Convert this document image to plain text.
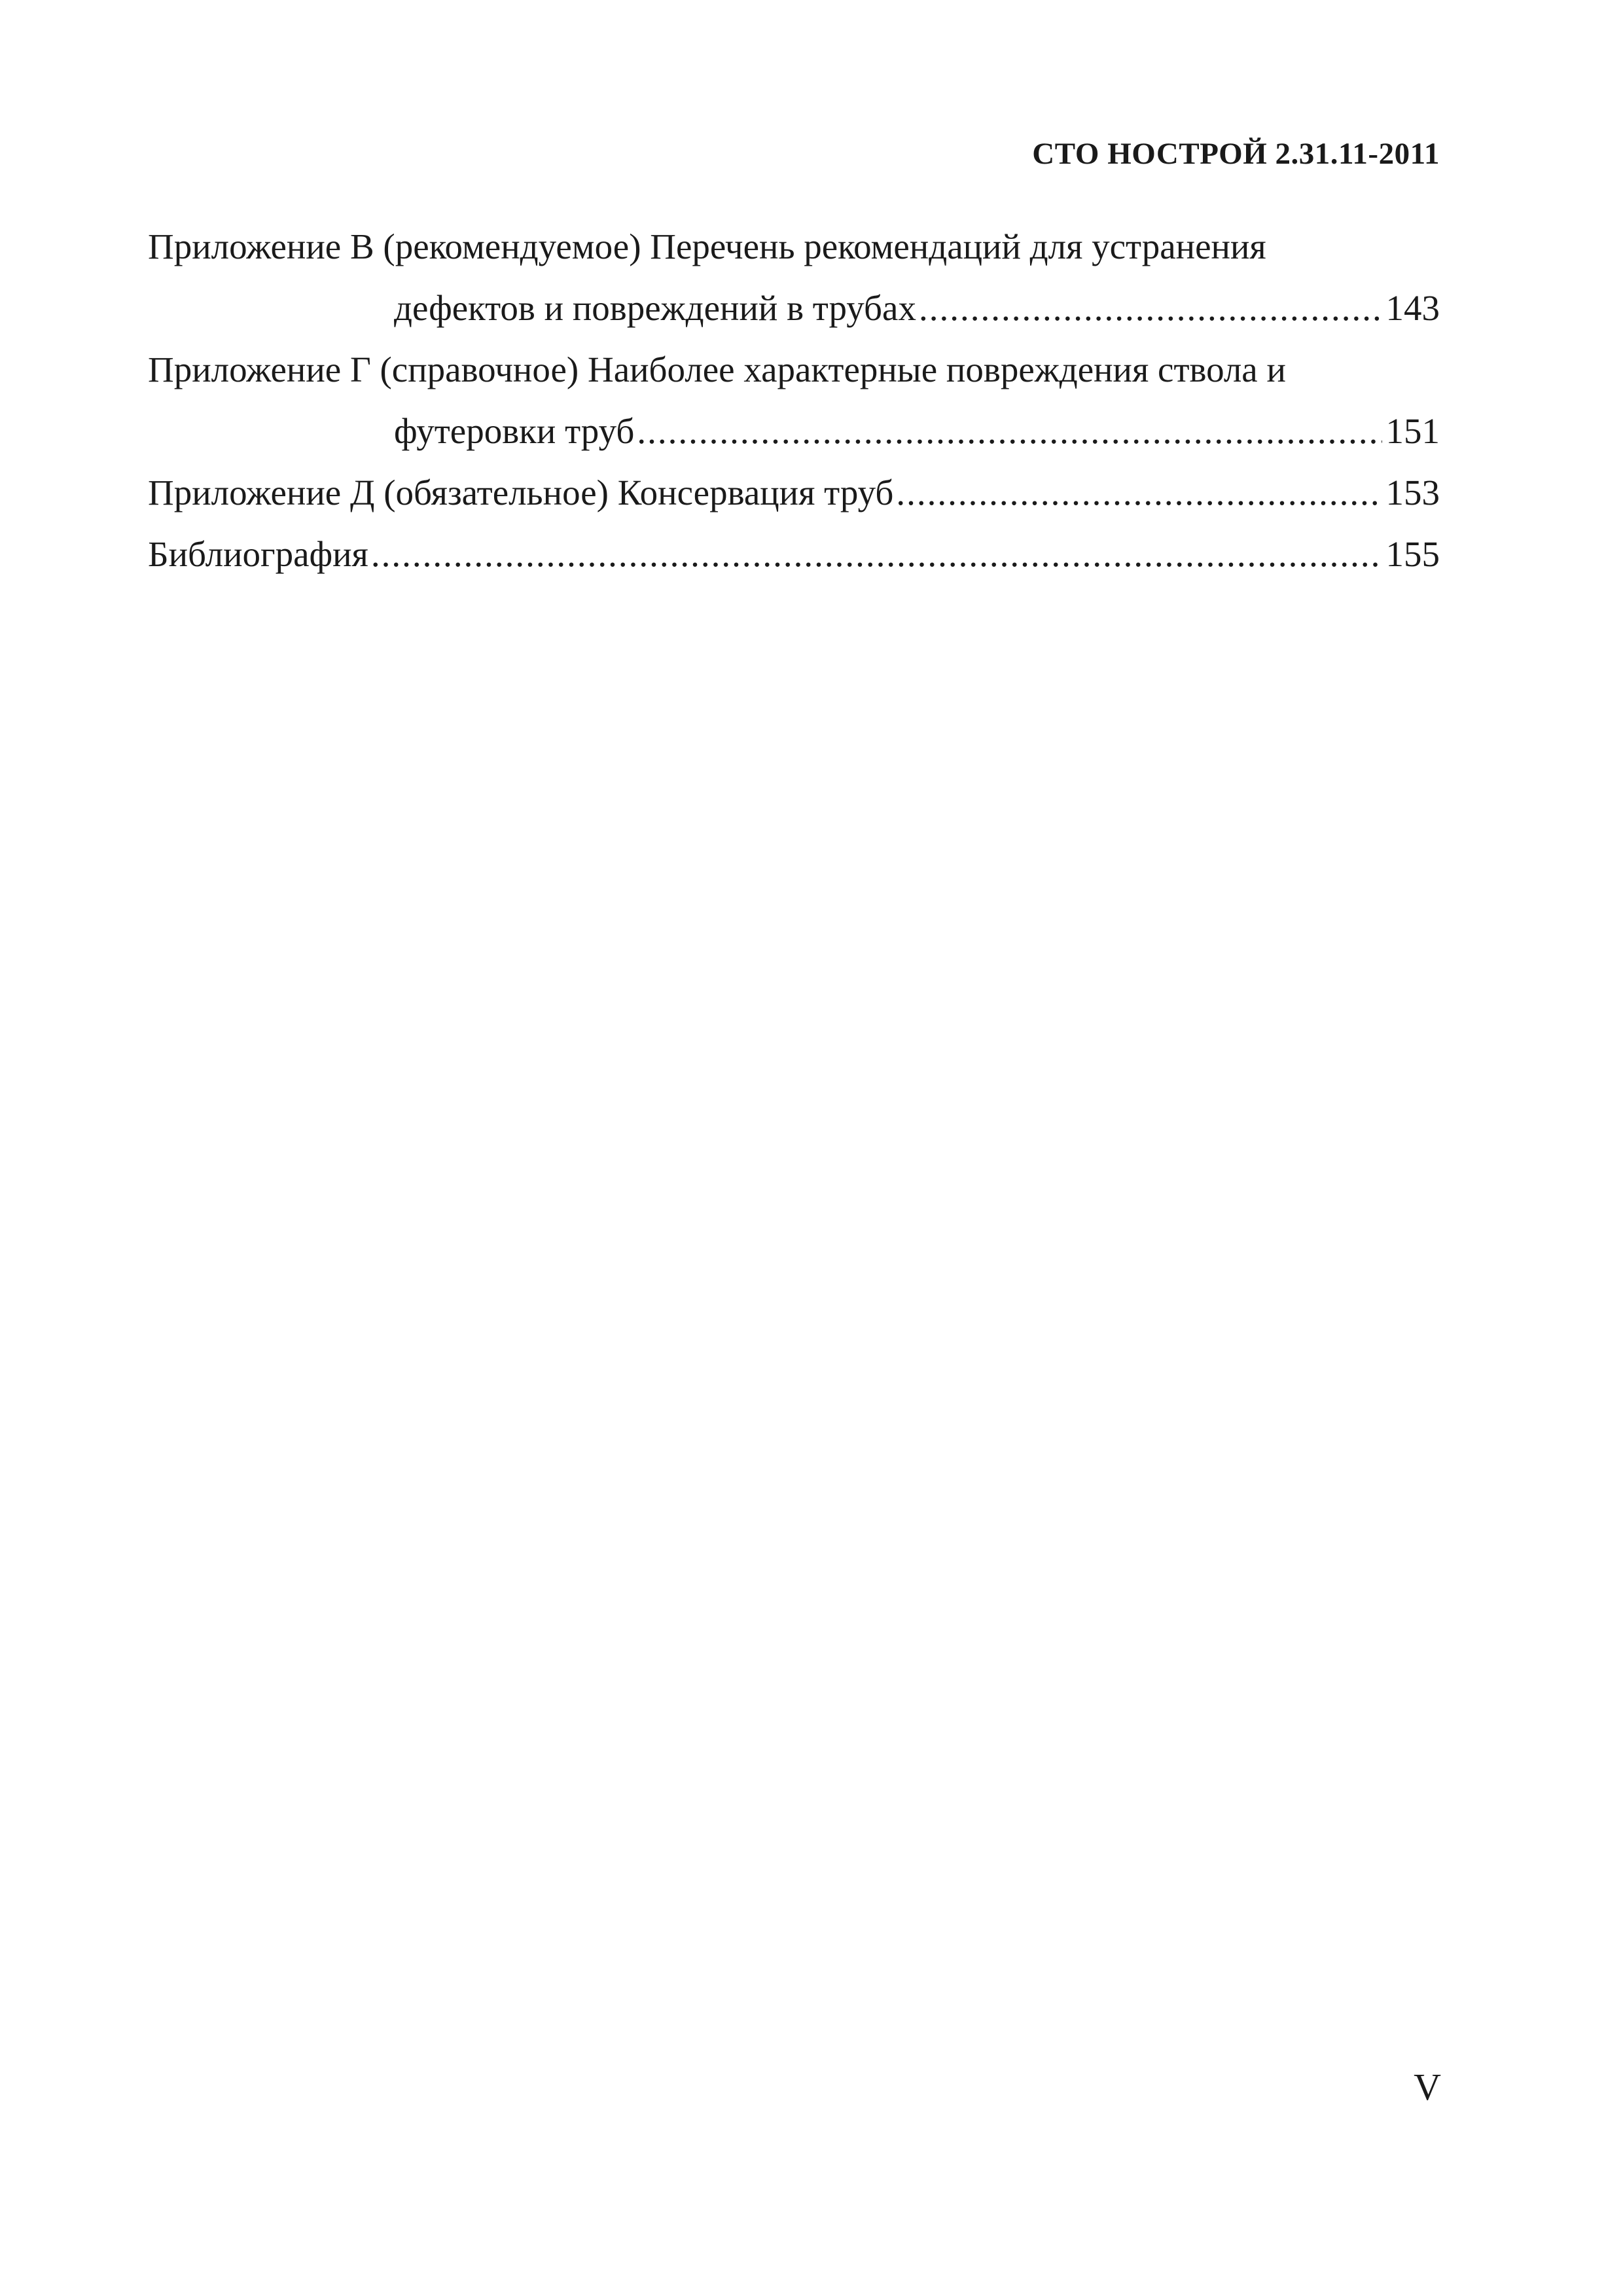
СТО НОСТРОЙ 2.31.11-2011
Приложение В (рекомендуемое) Перечень рекомендаций для устранения
дефектов и повреждений в трубах .....	143
Приложение Г (справочное) Наиболее характерные повреждения ствола и
футеровки труб .....	151
Приложение Д (обязательное) Консервация труб .....	153
Библиография .....	155
V
